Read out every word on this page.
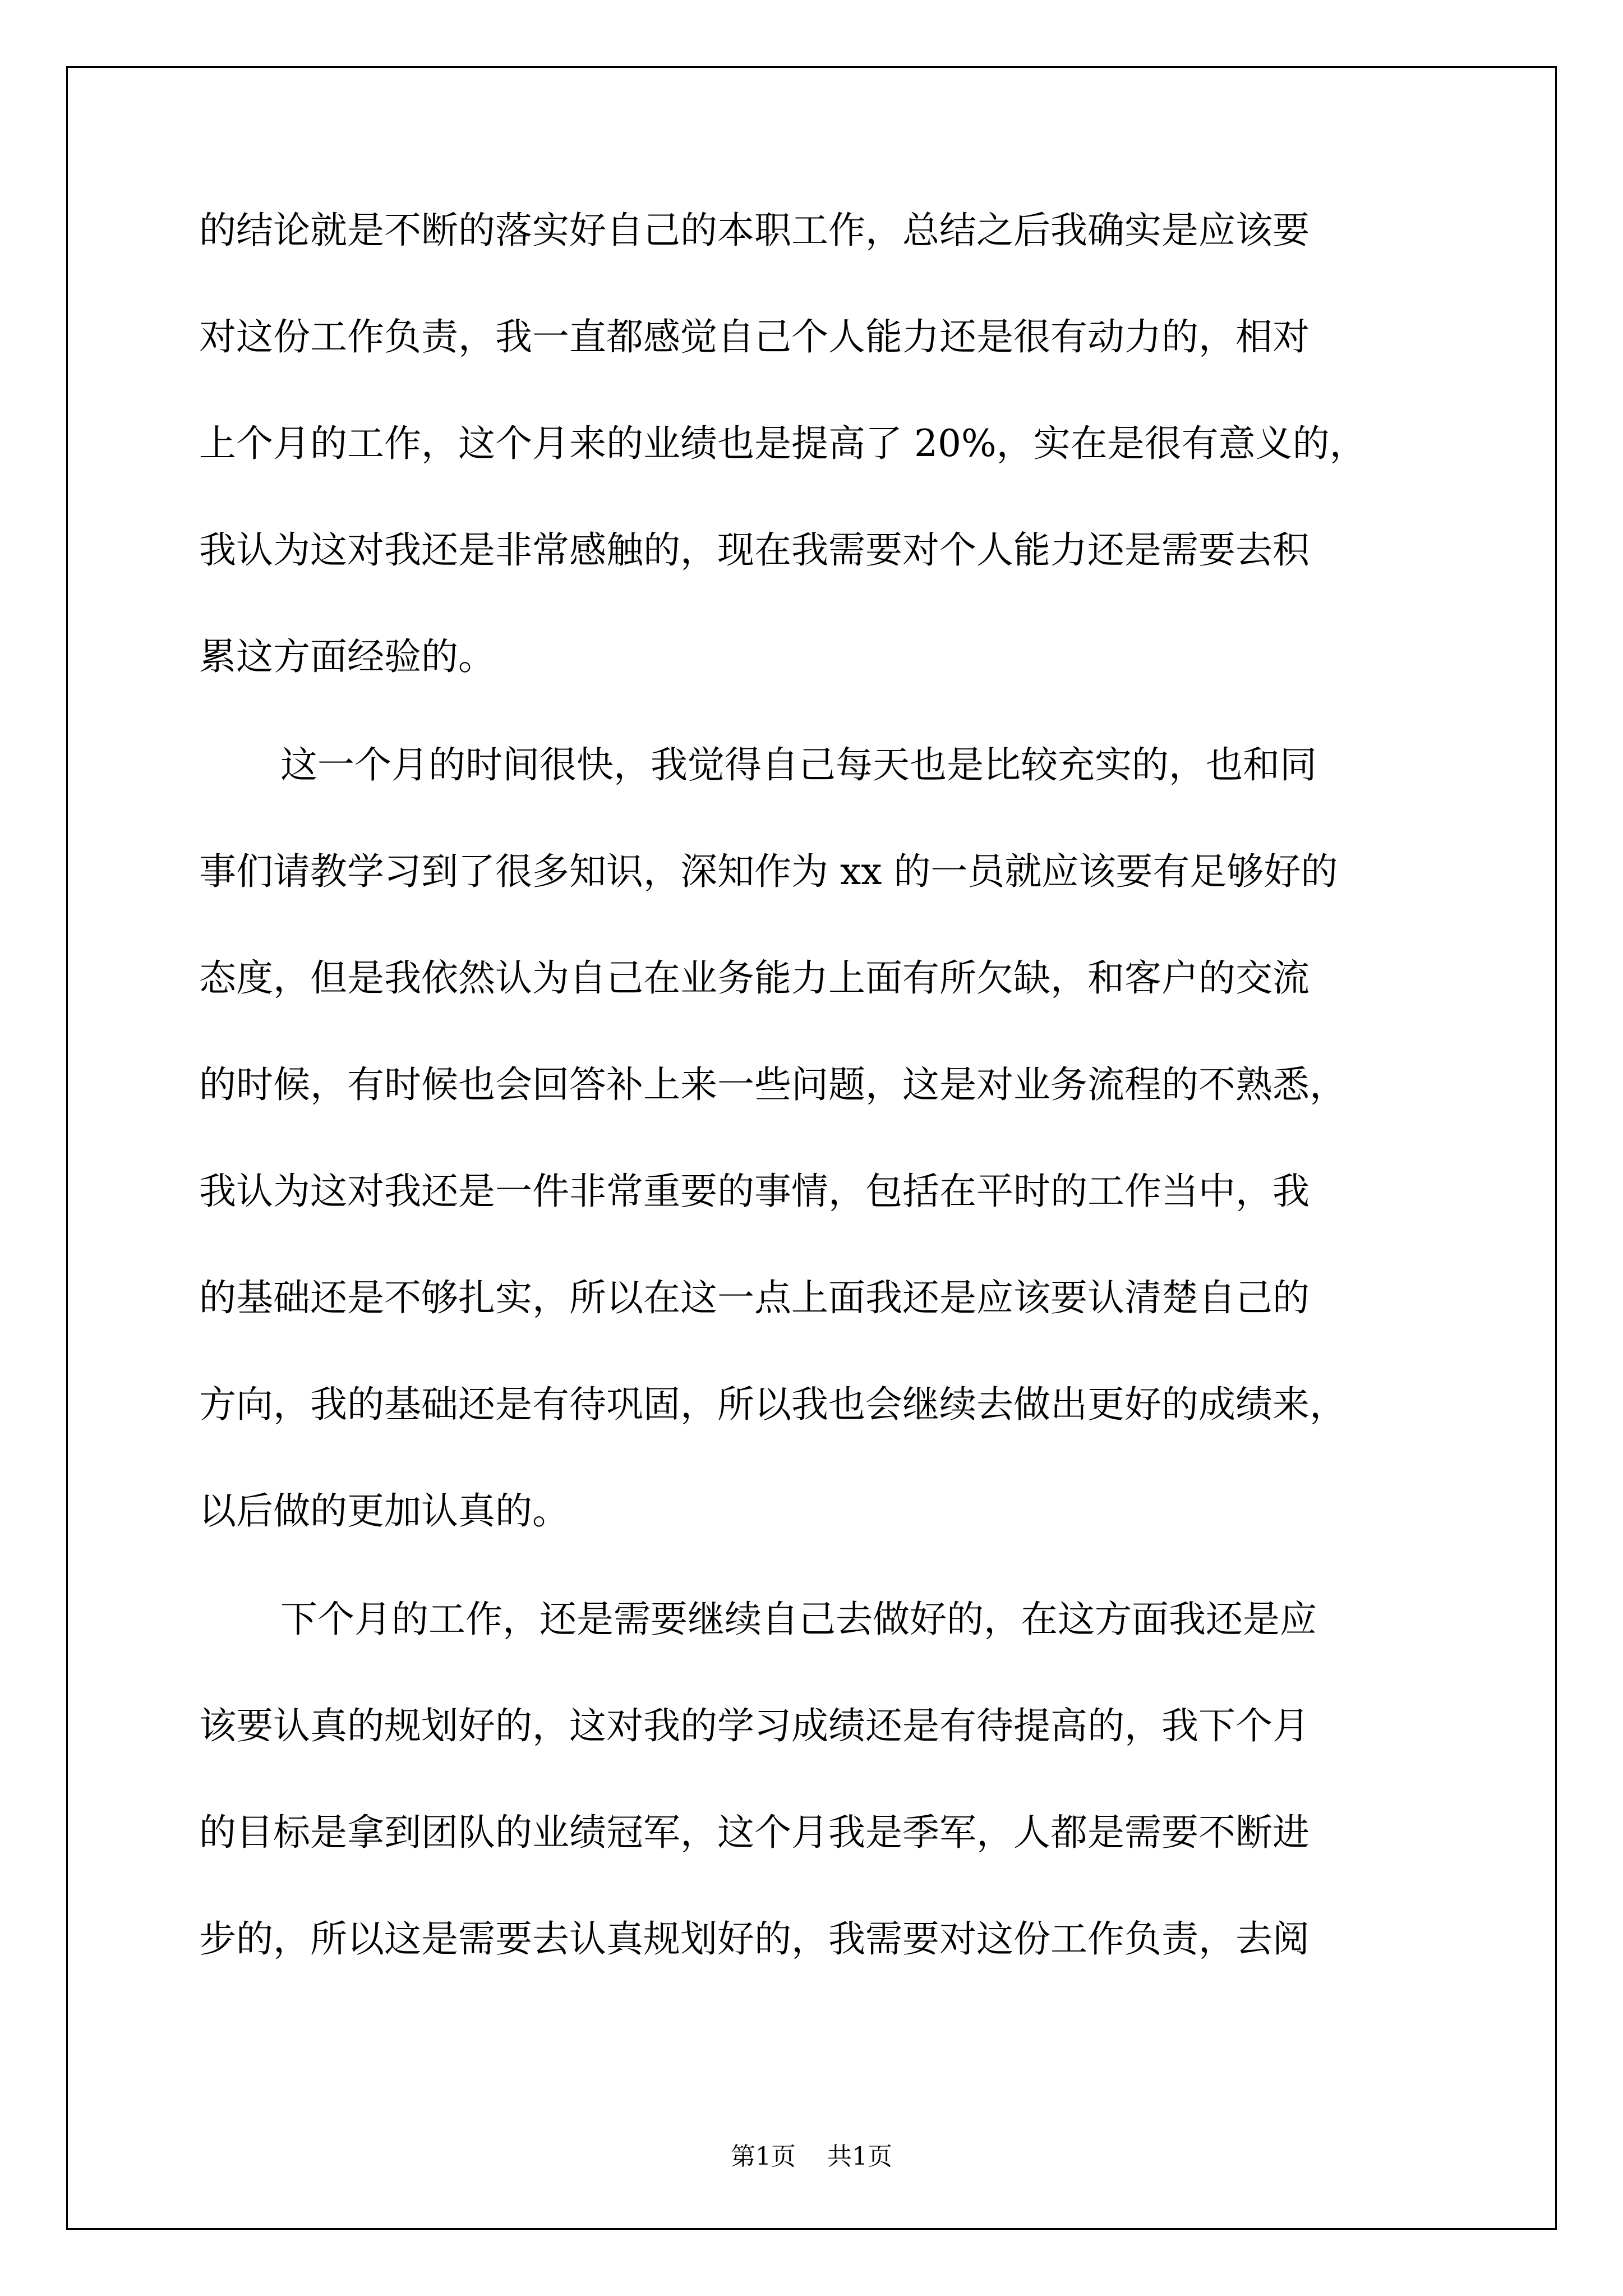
的结论就是不断的落实好自己的本职工作，总结之后我确实是应该要
对这份工作负责，我一直都感觉自己个人能力还是很有动力的，相对
上个月的工作，这个月来的业绩也是提高了 20%，实在是很有意义的，
我认为这对我还是非常感触的，现在我需要对个人能力还是需要去积
累这方面经验的。
这一个月的时间很快，我觉得自己每天也是比较充实的，也和同
事们请教学习到了很多知识，深知作为 xx 的一员就应该要有足够好的
态度，但是我依然认为自己在业务能力上面有所欠缺，和客户的交流
的时候，有时候也会回答补上来一些问题，这是对业务流程的不熟悉，
我认为这对我还是一件非常重要的事情，包括在平时的工作当中，我
的基础还是不够扎实，所以在这一点上面我还是应该要认清楚自己的
方向，我的基础还是有待巩固，所以我也会继续去做出更好的成绩来，
以后做的更加认真的。
下个月的工作，还是需要继续自己去做好的，在这方面我还是应
该要认真的规划好的，这对我的学习成绩还是有待提高的，我下个月
的目标是拿到团队的业绩冠军，这个月我是季军，人都是需要不断进
步的，所以这是需要去认真规划好的，我需要对这份工作负责，去阅
第1页 共1页
